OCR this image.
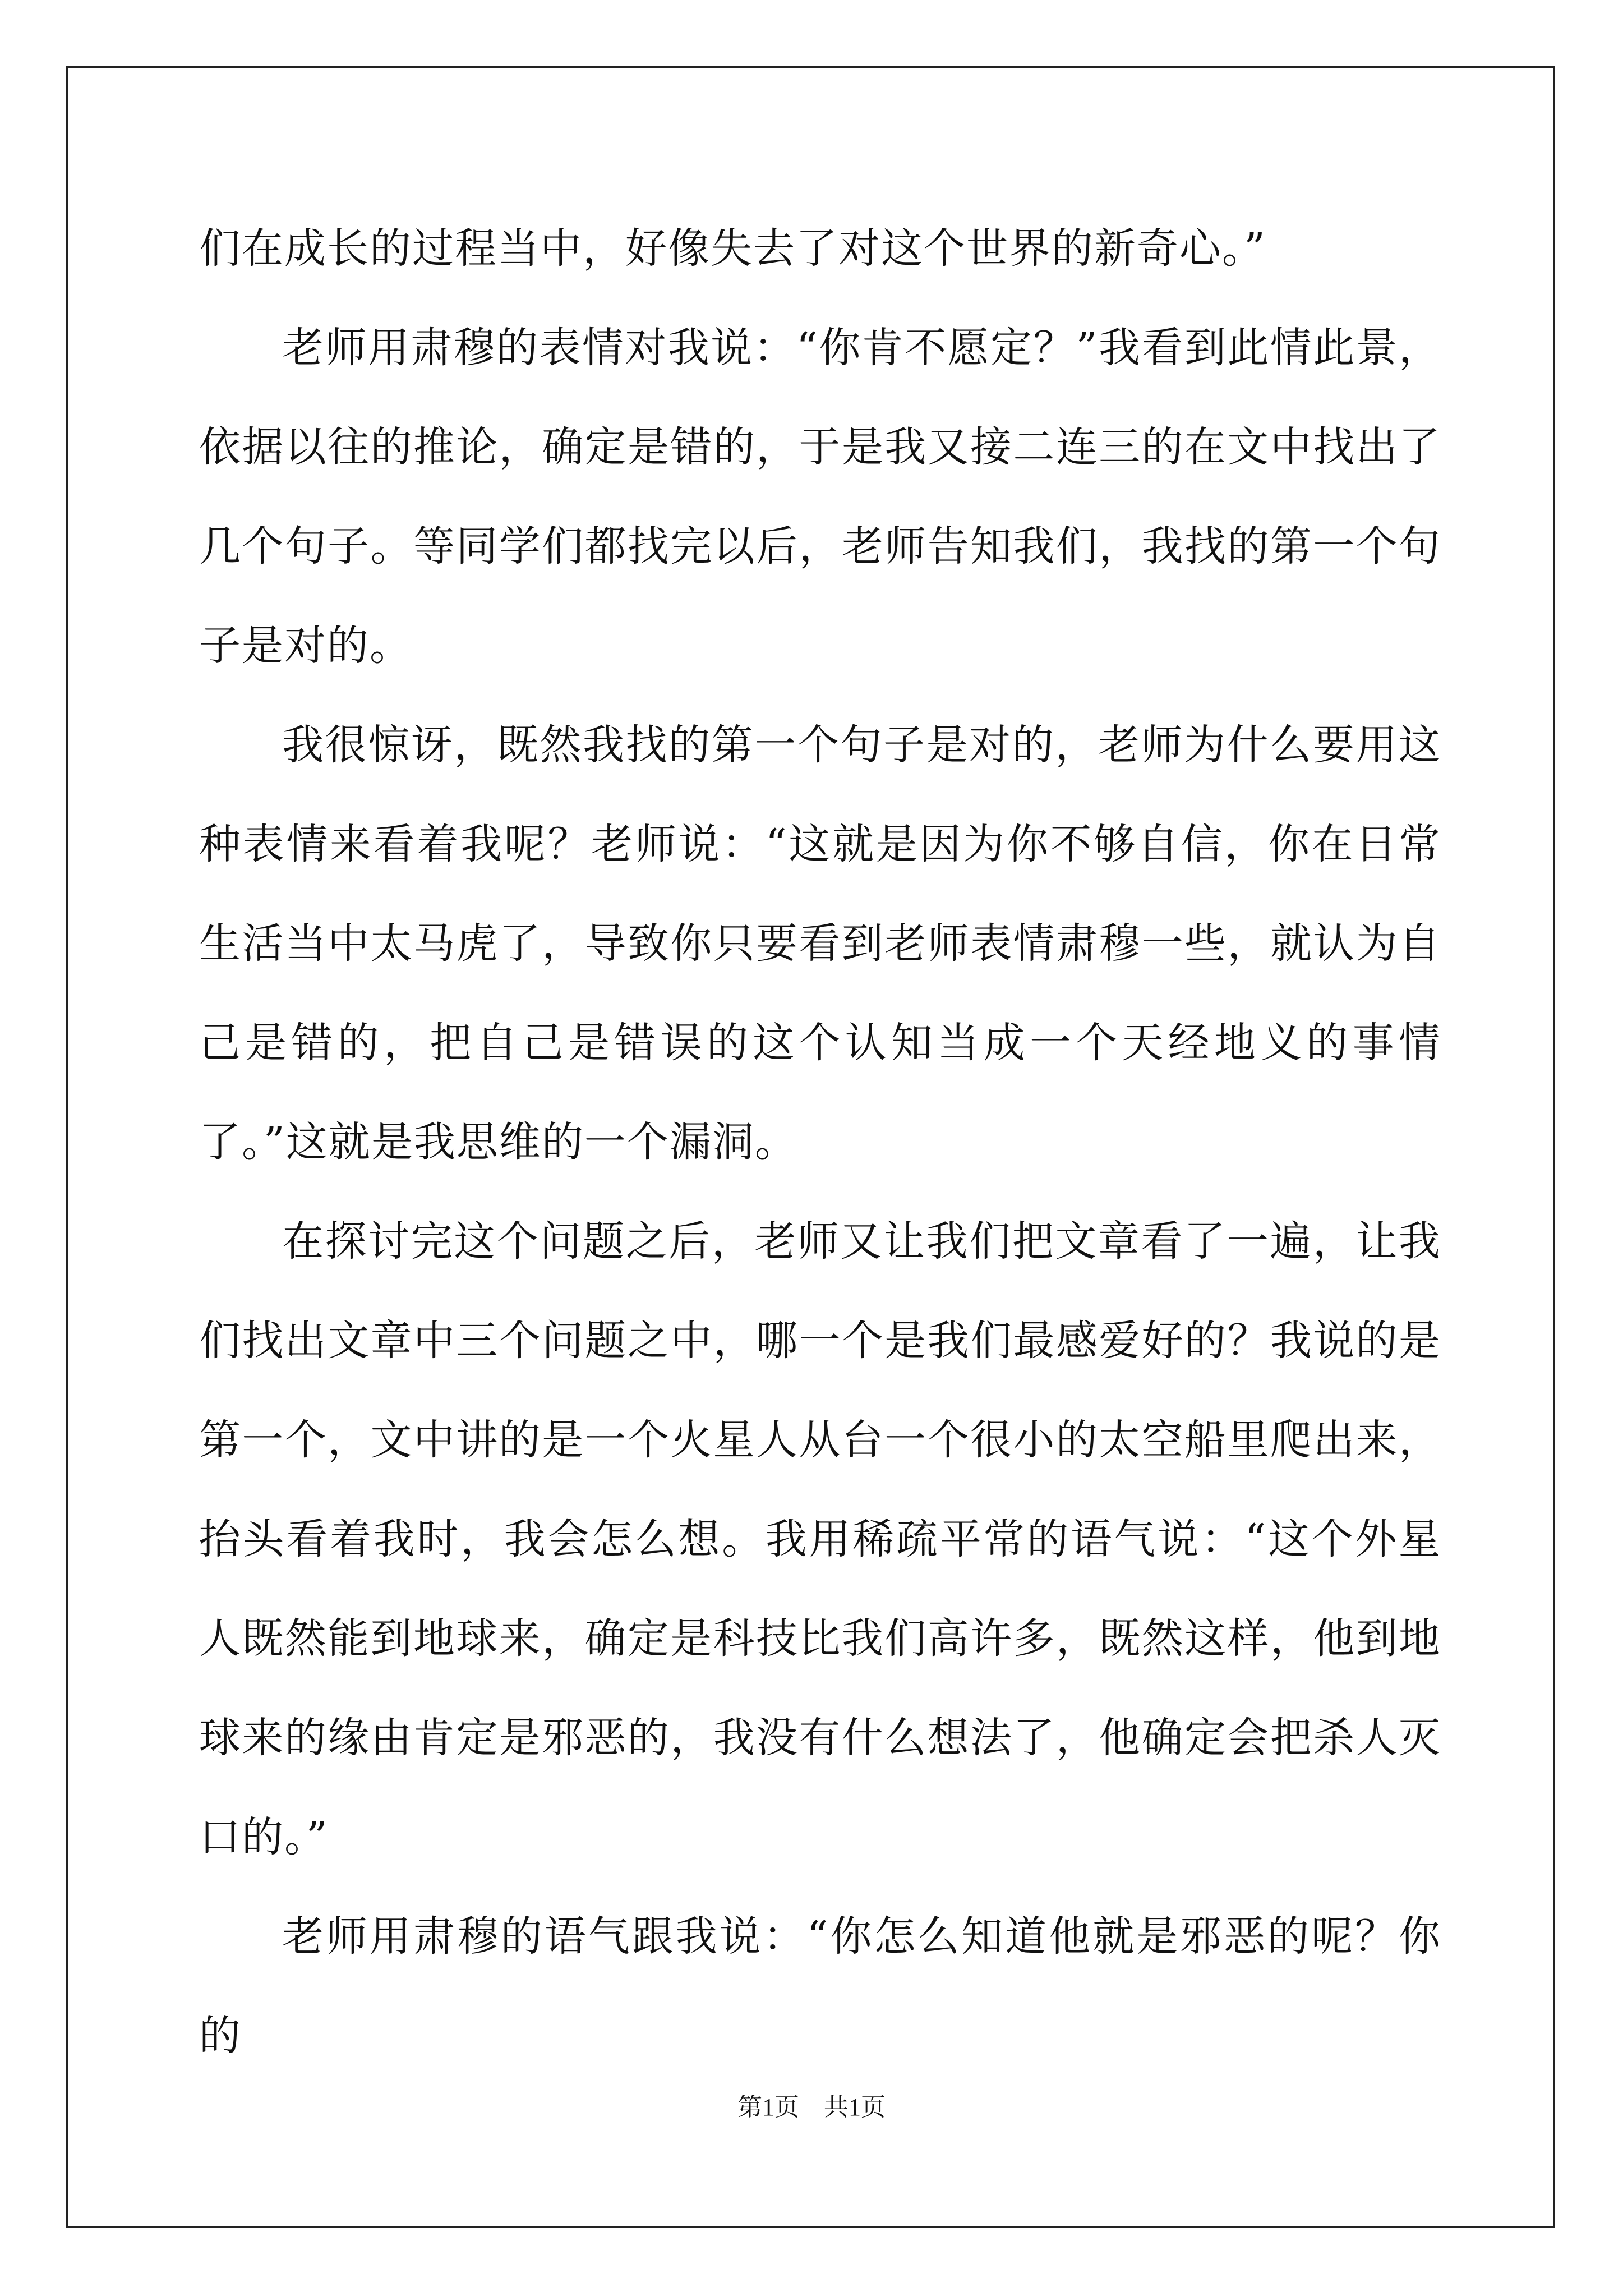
们在成长的过程当中，好像失去了对这个世界的新奇心。”

老师用肃穆的表情对我说：“你肯不愿定？”我看到此情此景，依据以往的推论，确定是错的，于是我又接二连三的在文中找出了几个句子。等同学们都找完以后，老师告知我们，我找的第一个句子是对的。

我很惊讶，既然我找的第一个句子是对的，老师为什么要用这种表情来看着我呢？老师说：“这就是因为你不够自信，你在日常生活当中太马虎了，导致你只要看到老师表情肃穆一些，就认为自己是错的，把自己是错误的这个认知当成一个天经地义的事情了。”这就是我思维的一个漏洞。

在探讨完这个问题之后，老师又让我们把文章看了一遍，让我们找出文章中三个问题之中，哪一个是我们最感爱好的？我说的是第一个，文中讲的是一个火星人从台一个很小的太空船里爬出来，抬头看着我时，我会怎么想。我用稀疏平常的语气说：“这个外星人既然能到地球来，确定是科技比我们高许多，既然这样，他到地球来的缘由肯定是邪恶的，我没有什么想法了，他确定会把杀人灭口的。”

老师用肃穆的语气跟我说：“你怎么知道他就是邪恶的呢？你的

第1页 共1页
